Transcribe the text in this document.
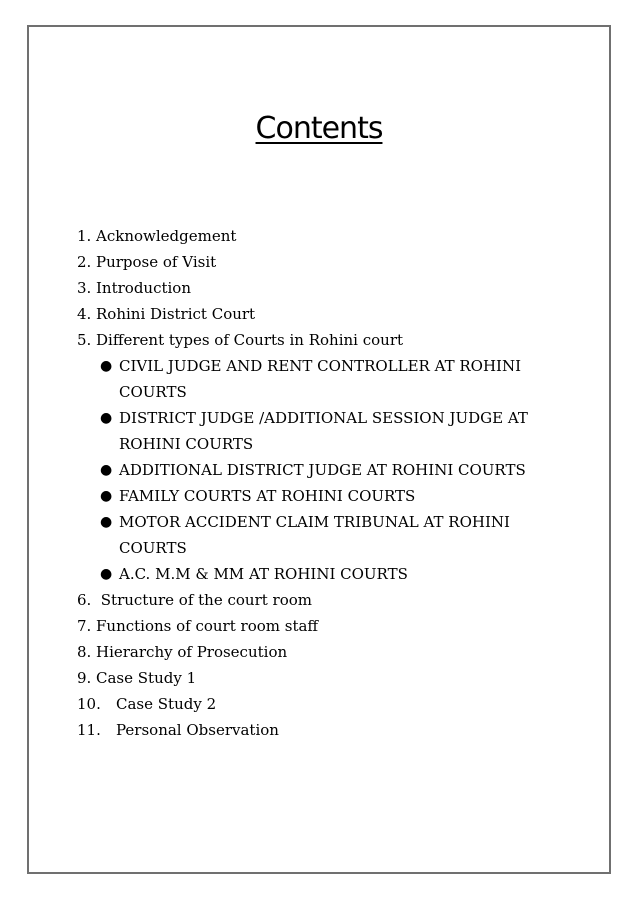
Contents
1. Acknowledgement
2. Purpose of Visit
3. Introduction
4. Rohini District Court
5. Different types of Courts in Rohini court
● CIVIL JUDGE AND RENT CONTROLLER AT ROHINI COURTS
● DISTRICT JUDGE /ADDITIONAL SESSION JUDGE AT ROHINI COURTS
● ADDITIONAL DISTRICT JUDGE AT ROHINI COURTS
● FAMILY COURTS AT ROHINI COURTS
● MOTOR ACCIDENT CLAIM TRIBUNAL AT ROHINI COURTS
● A.C. M.M & MM AT ROHINI COURTS
6. Structure of the court room
7. Functions of court room staff
8. Hierarchy of Prosecution
9. Case Study 1
10. Case Study 2
11. Personal Observation
